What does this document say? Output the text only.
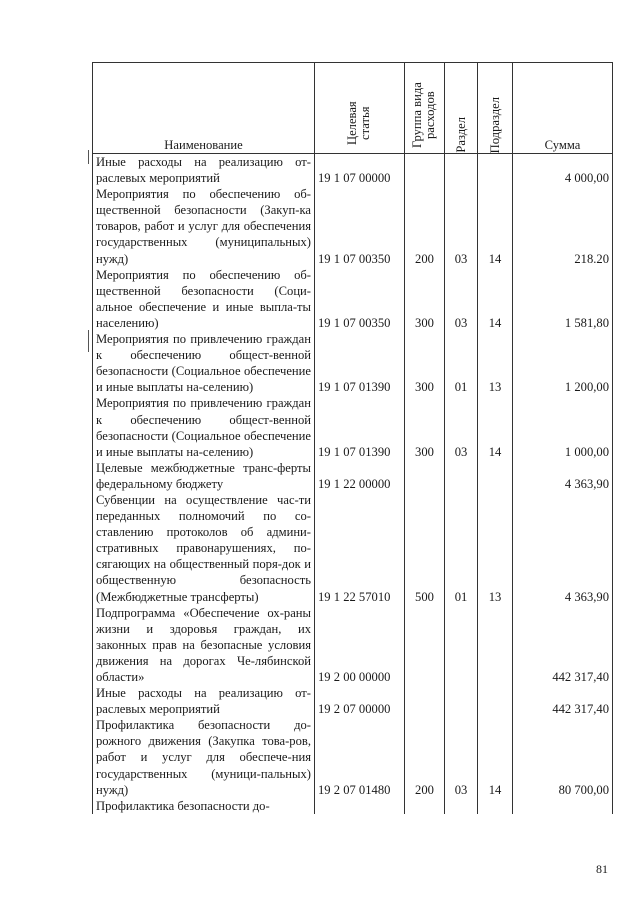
Наименование	Целевая статья	Группа вида расходов	Раздел	Подраздел	Сумма
Иные расходы на реализацию от-раслевых мероприятий	19 1 07 00000				4 000,00
Мероприятия по обеспечению об-щественной безопасности (Закуп-ка товаров, работ и услуг для обеспечения государственных (муниципальных) нужд)	19 1 07 00350	200	03	14	218.20
Мероприятия по обеспечению об-щественной безопасности (Соци-альное обеспечение и иные выпла-ты населению)	19 1 07 00350	300	03	14	1 581,80
Мероприятия по привлечению граждан к обеспечению общест-венной безопасности (Социальное обеспечение и иные выплаты на-селению)	19 1 07 01390	300	01	13	1 200,00
Мероприятия по привлечению граждан к обеспечению общест-венной безопасности (Социальное обеспечение и иные выплаты на-селению)	19 1 07 01390	300	03	14	1 000,00
Целевые межбюджетные транс-ферты федеральному бюджету	19 1 22 00000				4 363,90
Субвенции на осуществление час-ти переданных полномочий по со-ставлению протоколов об админи-стративных правонарушениях, по-сягающих на общественный поря-док и общественную безопасность (Межбюджетные трансферты)	19 1 22 57010	500	01	13	4 363,90
Подпрограмма «Обеспечение ох-раны жизни и здоровья граждан, их законных прав на безопасные условия движения на дорогах Че-лябинской области»	19 2 00 00000				442 317,40
Иные расходы на реализацию от-раслевых мероприятий	19 2 07 00000				442 317,40
Профилактика безопасности до-рожного движения (Закупка това-ров, работ и услуг для обеспече-ния государственных (муници-пальных) нужд)	19 2 07 01480	200	03	14	80 700,00
Профилактика безопасности до-					
81
